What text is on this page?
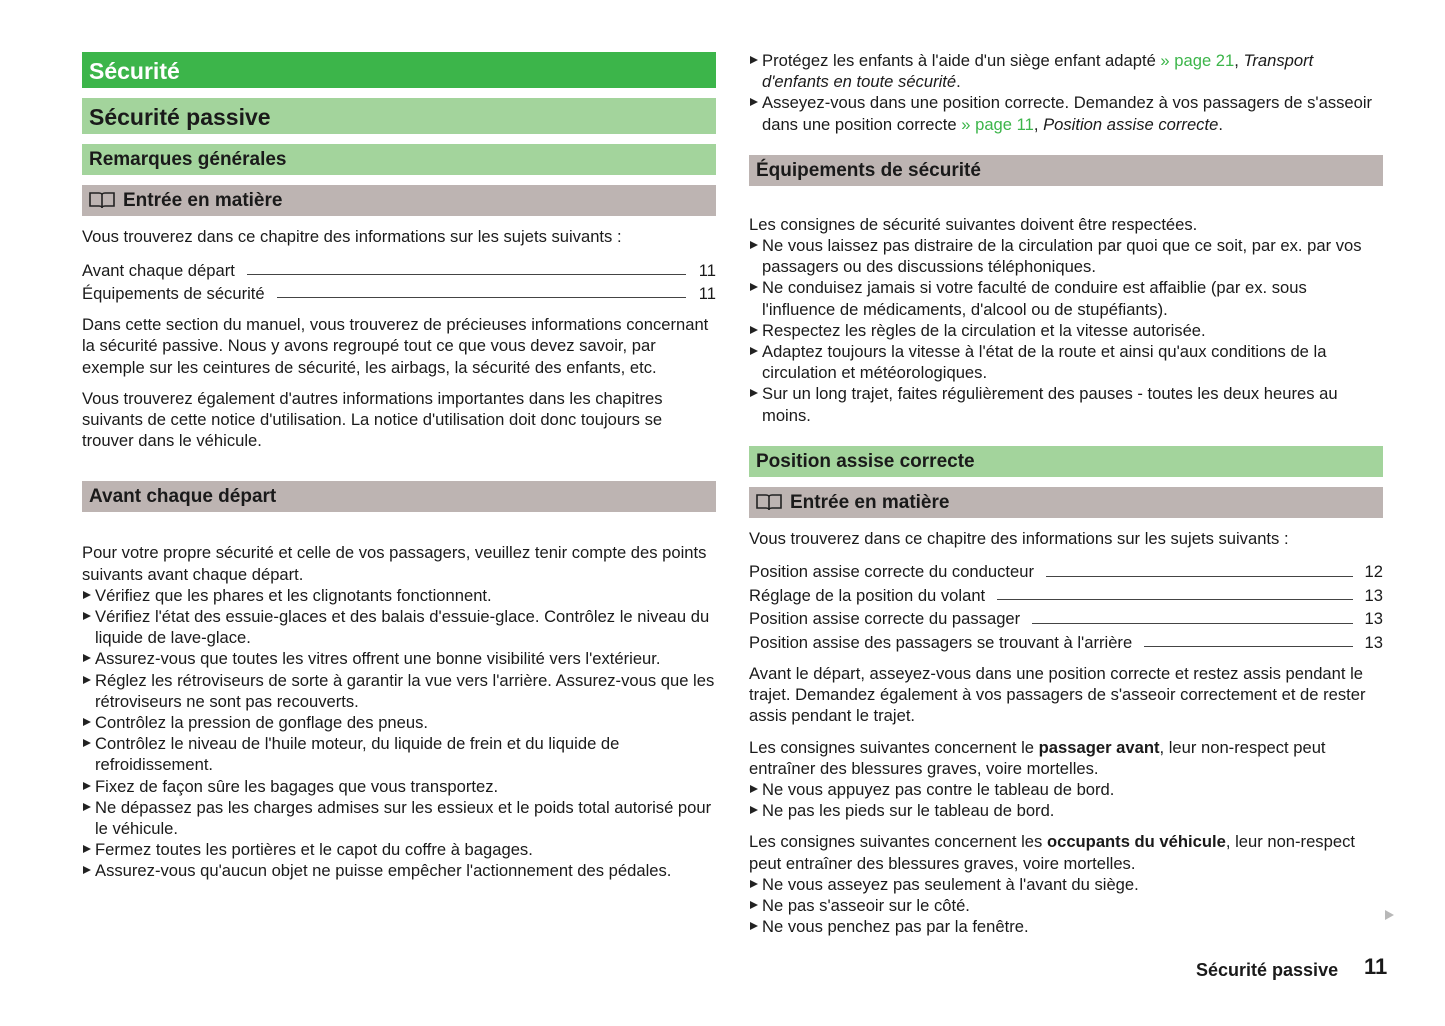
Sécurité
Sécurité passive
Remarques générales
Entrée en matière

Vous trouverez dans ce chapitre des informations sur les sujets suivants :

Avant chaque départ	11
Équipements de sécurité	11

Dans cette section du manuel, vous trouverez de précieuses informations concernant la sécurité passive. Nous y avons regroupé tout ce que vous devez savoir, par exemple sur les ceintures de sécurité, les airbags, la sécurité des enfants, etc.

Vous trouverez également d'autres informations importantes dans les chapitres suivants de cette notice d'utilisation. La notice d'utilisation doit donc toujours se trouver dans le véhicule.

Avant chaque départ

Pour votre propre sécurité et celle de vos passagers, veuillez tenir compte des points suivants avant chaque départ.

Vérifiez que les phares et les clignotants fonctionnent.
Vérifiez l'état des essuie-glaces et des balais d'essuie-glace. Contrôlez le niveau du liquide de lave-glace.
Assurez-vous que toutes les vitres offrent une bonne visibilité vers l'extérieur.
Réglez les rétroviseurs de sorte à garantir la vue vers l'arrière. Assurez-vous que les rétroviseurs ne sont pas recouverts.
Contrôlez la pression de gonflage des pneus.
Contrôlez le niveau de l'huile moteur, du liquide de frein et du liquide de refroidissement.
Fixez de façon sûre les bagages que vous transportez.
Ne dépassez pas les charges admises sur les essieux et le poids total autorisé pour le véhicule.
Fermez toutes les portières et le capot du coffre à bagages.
Assurez-vous qu'aucun objet ne puisse empêcher l'actionnement des pédales.
Protégez les enfants à l'aide d'un siège enfant adapté » page 21, Transport d'enfants en toute sécurité.
Asseyez-vous dans une position correcte. Demandez à vos passagers de s'asseoir dans une position correcte » page 11, Position assise correcte.
Équipements de sécurité

Les consignes de sécurité suivantes doivent être respectées.

Ne vous laissez pas distraire de la circulation par quoi que ce soit, par ex. par vos passagers ou des discussions téléphoniques.
Ne conduisez jamais si votre faculté de conduire est affaiblie (par ex. sous l'influence de médicaments, d'alcool ou de stupéfiants).
Respectez les règles de la circulation et la vitesse autorisée.
Adaptez toujours la vitesse à l'état de la route et ainsi qu'aux conditions de la circulation et météorologiques.
Sur un long trajet, faites régulièrement des pauses - toutes les deux heures au moins.
Position assise correcte
Entrée en matière

Vous trouverez dans ce chapitre des informations sur les sujets suivants :

Position assise correcte du conducteur	12
Réglage de la position du volant	13
Position assise correcte du passager	13
Position assise des passagers se trouvant à l'arrière	13

Avant le départ, asseyez-vous dans une position correcte et restez assis pendant le trajet. Demandez également à vos passagers de s'asseoir correctement et de rester assis pendant le trajet.

Les consignes suivantes concernent le passager avant, leur non-respect peut entraîner des blessures graves, voire mortelles.

Ne vous appuyez pas contre le tableau de bord.
Ne pas les pieds sur le tableau de bord.

Les consignes suivantes concernent les occupants du véhicule, leur non-respect peut entraîner des blessures graves, voire mortelles.

Ne vous asseyez pas seulement à l'avant du siège.
Ne pas s'asseoir sur le côté.
Ne vous penchez pas par la fenêtre.
Sécurité passive 11
